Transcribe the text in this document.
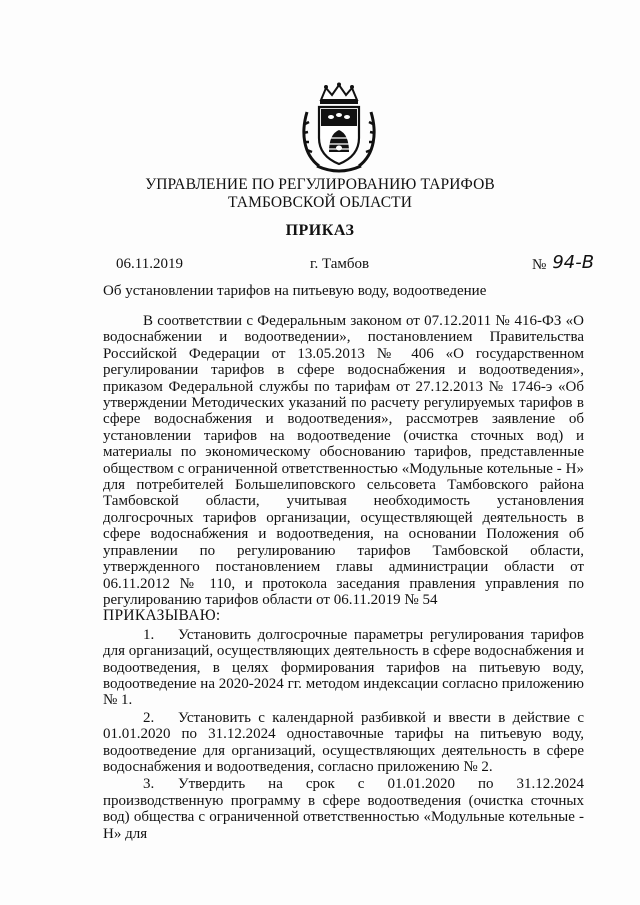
УПРАВЛЕНИЕ ПО РЕГУЛИРОВАНИЮ ТАРИФОВ
ТАМБОВСКОЙ ОБЛАСТИ
ПРИКАЗ
06.11.2019	г. Тамбов	№ 94-В
Об установлении тарифов на питьевую воду, водоотведение

В соответствии с Федеральным законом от 07.12.2011 № 416-ФЗ «О водоснабжении и водоотведении», постановлением Правительства Российской Федерации от 13.05.2013 № 406 «О государственном регулировании тарифов в сфере водоснабжения и водоотведения», приказом Федеральной службы по тарифам от 27.12.2013 № 1746-э «Об утверждении Методических указаний по расчету регулируемых тарифов в сфере водоснабжения и водоотведения», рассмотрев заявление об установлении тарифов на водоотведение (очистка сточных вод) и материалы по экономическому обоснованию тарифов, представленные обществом с ограниченной ответственностью «Модульные котельные - Н» для потребителей Большелиповского сельсовета Тамбовского района Тамбовской области, учитывая необходимость установления долгосрочных тарифов организации, осуществляющей деятельность в сфере водоснабжения и водоотведения, на основании Положения об управлении по регулированию тарифов Тамбовской области, утвержденного постановлением главы администрации области от 06.11.2012 № 110, и протокола заседания правления управления по регулированию тарифов области от 06.11.2019 № 54

ПРИКАЗЫВАЮ:

1. Установить долгосрочные параметры регулирования тарифов для организаций, осуществляющих деятельность в сфере водоснабжения и водоотведения, в целях формирования тарифов на питьевую воду, водоотведение на 2020-2024 гг. методом индексации согласно приложению № 1.

2. Установить с календарной разбивкой и ввести в действие с 01.01.2020 по 31.12.2024 одноставочные тарифы на питьевую воду, водоотведение для организаций, осуществляющих деятельность в сфере водоснабжения и водоотведения, согласно приложению № 2.

3. Утвердить на срок с 01.01.2020 по 31.12.2024 производственную программу в сфере водоотведения (очистка сточных вод) общества с ограниченной ответственностью «Модульные котельные - Н» для
